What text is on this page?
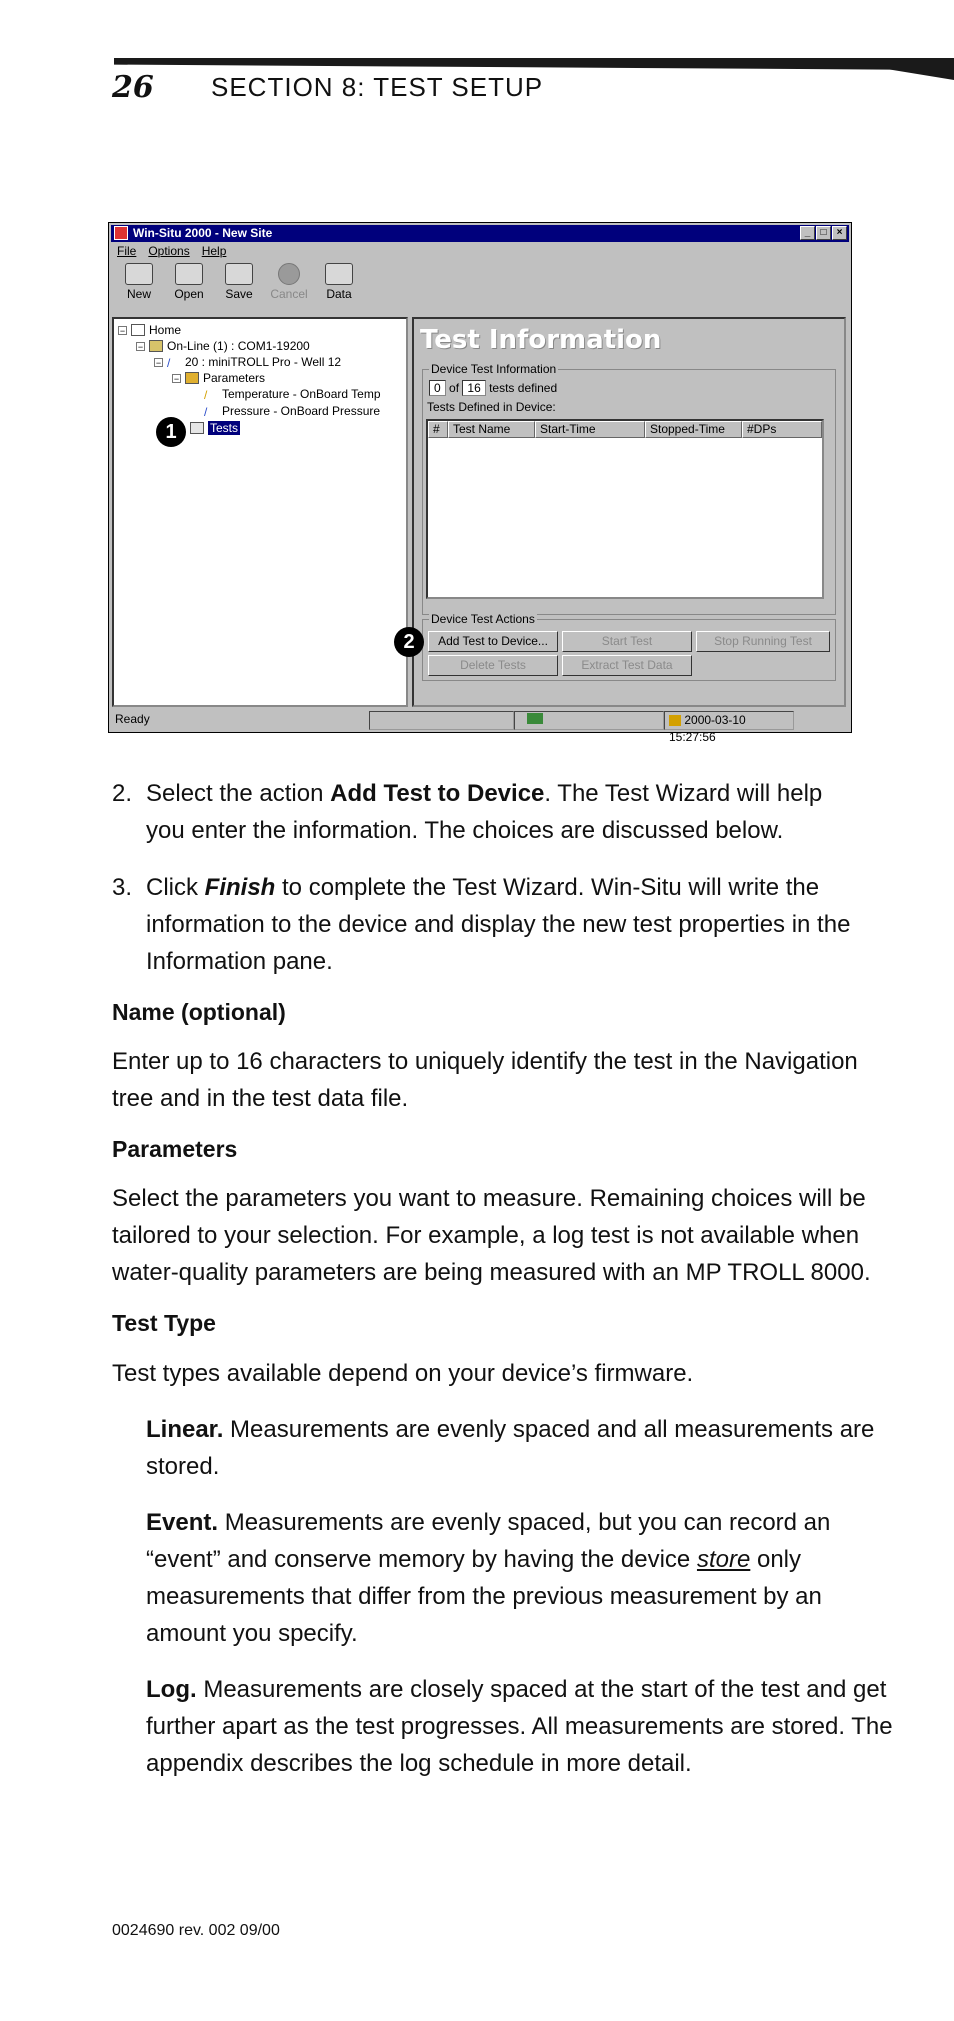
26 SECTION 8: TEST SETUP
Win-Situ 2000 - New Site	_	□	×
File Options Help
New	Open	Save	Cancel	Data
− Home
− On-Line (1) : COM1-19200
− /	20 : miniTROLL Pro - Well 12
− Parameters
/	Temperature - OnBoard Temp
/	Pressure - OnBoard Pressure
Tests
1
Test Information
Device Test Information
0 of 16 tests defined
Tests Defined in Device:
#	Test Name	Start-Time	Stopped-Time	#DPs
Device Test Actions
Add Test to Device...	Start Test	Stop Running Test
Delete Tests	Extract Test Data
2
Ready	2000-03-10 15:27:56
2. Select the action Add Test to Device. The Test Wizard will help
you enter the information. The choices are discussed below.
3. Click Finish to complete the Test Wizard. Win-Situ will write the
information to the device and display the new test properties in the
Information pane.
Name (optional)
Enter up to 16 characters to uniquely identify the test in the Navigation
tree and in the test data file.
Parameters
Select the parameters you want to measure. Remaining choices will be
tailored to your selection. For example, a log test is not available when
water-quality parameters are being measured with an MP TROLL 8000.
Test Type
Test types available depend on your device’s firmware.
Linear. Measurements are evenly spaced and all measurements are
stored.
Event. Measurements are evenly spaced, but you can record an
“event” and conserve memory by having the device store only
measurements that differ from the previous measurement by an
amount you specify.
Log. Measurements are closely spaced at the start of the test and get
further apart as the test progresses. All measurements are stored. The
appendix describes the log schedule in more detail.
0024690 rev. 002 09/00
